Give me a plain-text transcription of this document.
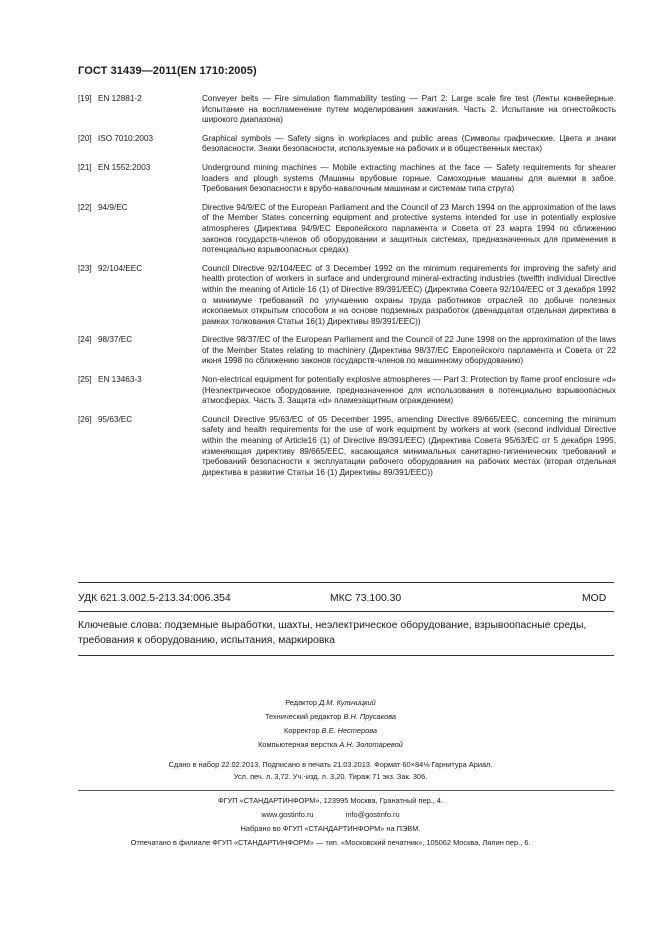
ГОСТ 31439—2011(EN 1710:2005)
[19] EN 12881-2	Conveyer belts — Fire simulation flammability testing — Part 2: Large scale fire test (Ленты конвейерные. Испытание на воспламенение путем моделирования зажигания. Часть 2. Испытание на огнестойкость широкого диапазона)
[20] ISO 7010:2003	Graphical symbols — Safety signs in workplaces and public areas (Символы графические. Цвета и знаки безопасности. Знаки безопасности, используемые на рабочих и в общественных местах)
[21] EN 1552:2003	Underground mining machines — Mobile extracting machines at the face — Safety requirements for shearer loaders and plough systems (Машины врубовые горные. Самоходные машины для выемки в забое. Требования безопасности к врубо-навалочным машинам и системам типа струга)
[22] 94/9/EC	Directive 94/9/EC of the European Parliament and the Council of 23 March 1994 on the approximation of the laws of the Member States concerning equipment and protective systems intended for use in potentially explosive atmospheres (Директива 94/9/EC Европейского парламента и Совета от 23 марта 1994 по сближению законов государств-членов об оборудовании и защитных системах, предназначенных для применения в потенциально взрывоопасных средах)
[23] 92/104/EEC	Council Directive 92/104/EEC of 3 December 1992 on the minimum requirements for improving the safety and health protection of workers in surface and underground mineral-extracting industries (twelfth individual Directive within the meaning of Article 16 (1) of Directive 89/391/EEC) (Директива Совета 92/104/EEC от 3 декабря 1992 о минимуме требований по улучшению охраны труда работников отраслей по добыче полезных ископаемых открытым способом и на основе подземных разработок (двенадцатая отдельная директива в рамках толкования Статьи 16(1) Директивы 89/391/EEC))
[24] 98/37/EC	Directive 98/37/EC of the European Parliament and the Council of 22 June 1998 on the approximation of the laws of the Member States relating to machinery (Директива 98/37/EC Европейского парламента и Совета от 22 июня 1998 по сближению законов государств-членов по машинному оборудованию)
[25] EN 13463-3	Non-electrical equipment for potentially explosive atmospheres — Part 3: Protection by flame proof enclosure «d» (Неэлектрическое оборудование, предназначенное для использования в потенциально взрывоопасных атмосферах. Часть 3. Защита «d» пламезащитным ограждением)
[26] 95/63/EC	Council Directive 95/63/EC of 05 December 1995, amending Directive 89/665/EEC, concerning the minimum safety and health requirements for the use of work equipment by workers at work (second individual Directive within the meaning of Article16 (1) of Directive 89/391/EEC) (Директива Совета 95/63/EC от 5 декабря 1995, изменяющая директиву 89/665/EEC, касающаяся минимальных санитарно-гигиенических требований и требований безопасности к эксплуатации рабочего оборудования на рабочих местах (вторая отдельная директива в развитие Статьи 16 (1) Директивы 89/391/EEC))
УДК 621.3.002.5-213.34:006.354	МКС 73.100.30	MOD
Ключевые слова: подземные выработки, шахты, неэлектрическое оборудование, взрывоопасные среды, требования к оборудованию, испытания, маркировка
Редактор Д.М. Кульчицкий
Технический редактор В.Н. Прусакова
Корректор В.Е. Нестерова
Компьютерная верстка А.Н. Золотаревой
Сдано в набор 22.02.2013. Подписано в печать 21.03.2013. Формат 60×84⅛ Гарнитура Ариал.
Усл. печ. л. 3,72. Уч.-изд. л. 3,20. Тираж 71 экз. Зак. 306.
ФГУП «СТАНДАРТИНФОРМ», 123995 Москва, Гранатный пер., 4.
www.gostinfo.ru	info@gostinfo.ru
Набрано во ФГУП «СТАНДАРТИНФОРМ» на ПЭВМ.
Отпечатано в филиале ФГУП «СТАНДАРТИНФОРМ» — тип. «Московский печатник», 105062 Москва, Лялин пер., 6.
